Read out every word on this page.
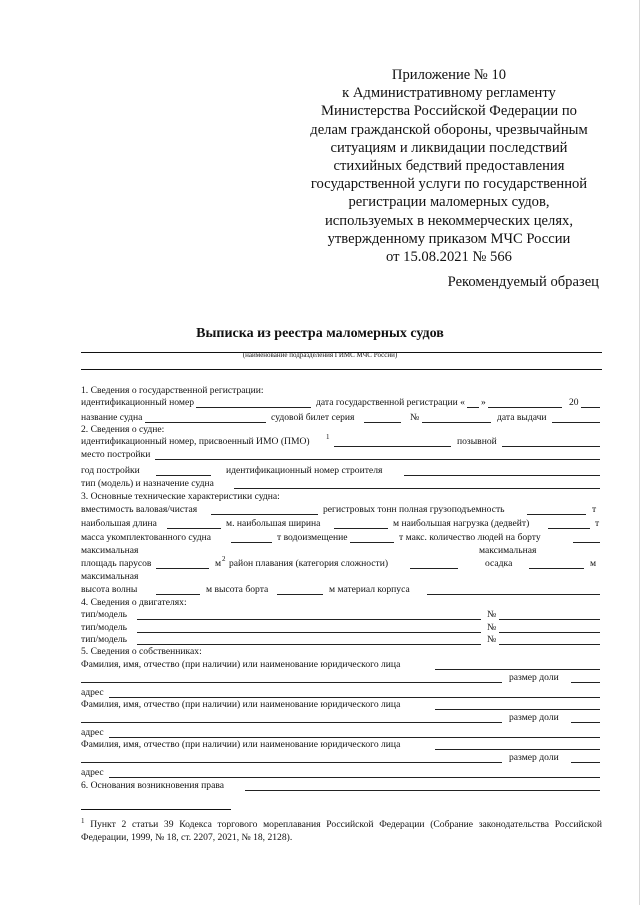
Приложение № 10
к Административному регламенту
Министерства Российской Федерации по
делам гражданской обороны, чрезвычайным
ситуациям и ликвидации последствий
стихийных бедствий предоставления
государственной услуги по государственной
регистрации маломерных судов,
используемых в некоммерческих целях,
утвержденному приказом МЧС России
от 15.08.2021 № 566
Рекомендуемый образец
Выписка из реестра маломерных судов
(наименование подразделения ГИМС МЧС России)
1. Сведения о государственной регистрации:
идентификационный номер	дата государственной регистрации « »	20
название судна	судовой билет серия	№	дата выдачи
2. Сведения о судне:
идентификационный номер, присвоенный ИМО (ПМО) 1	позывной
место постройки
год постройки	идентификационный номер строителя
тип (модель) и назначение судна
3. Основные технические характеристики судна:
вместимость валовая/чистая	регистровых тонн полная грузоподъемность	т
наибольшая длина	м. наибольшая ширина	м наибольшая нагрузка (дедвейт)	т
масса укомплектованного судна	т водоизмещение	т макс. количество людей на борту
максимальная	максимальная
площадь парусов	м 2 район плавания (категория сложности)	осадка	м
максимальная
высота волны	м высота борта	м материал корпуса
4. Сведения о двигателях:
тип/модель	№
тип/модель	№
тип/модель	№
5. Сведения о собственниках:
Фамилия, имя, отчество (при наличии) или наименование юридического лица
размер доли
адрес
Фамилия, имя, отчество (при наличии) или наименование юридического лица
размер доли
адрес
Фамилия, имя, отчество (при наличии) или наименование юридического лица
размер доли
адрес
6. Основания возникновения права
$^1$ Пункт 2 статьи 39 Кодекса торгового мореплавания Российской Федерации (Собрание законодательства Российской Федерации, 1999, № 18, ст. 2207, 2021, № 18, 2128).
